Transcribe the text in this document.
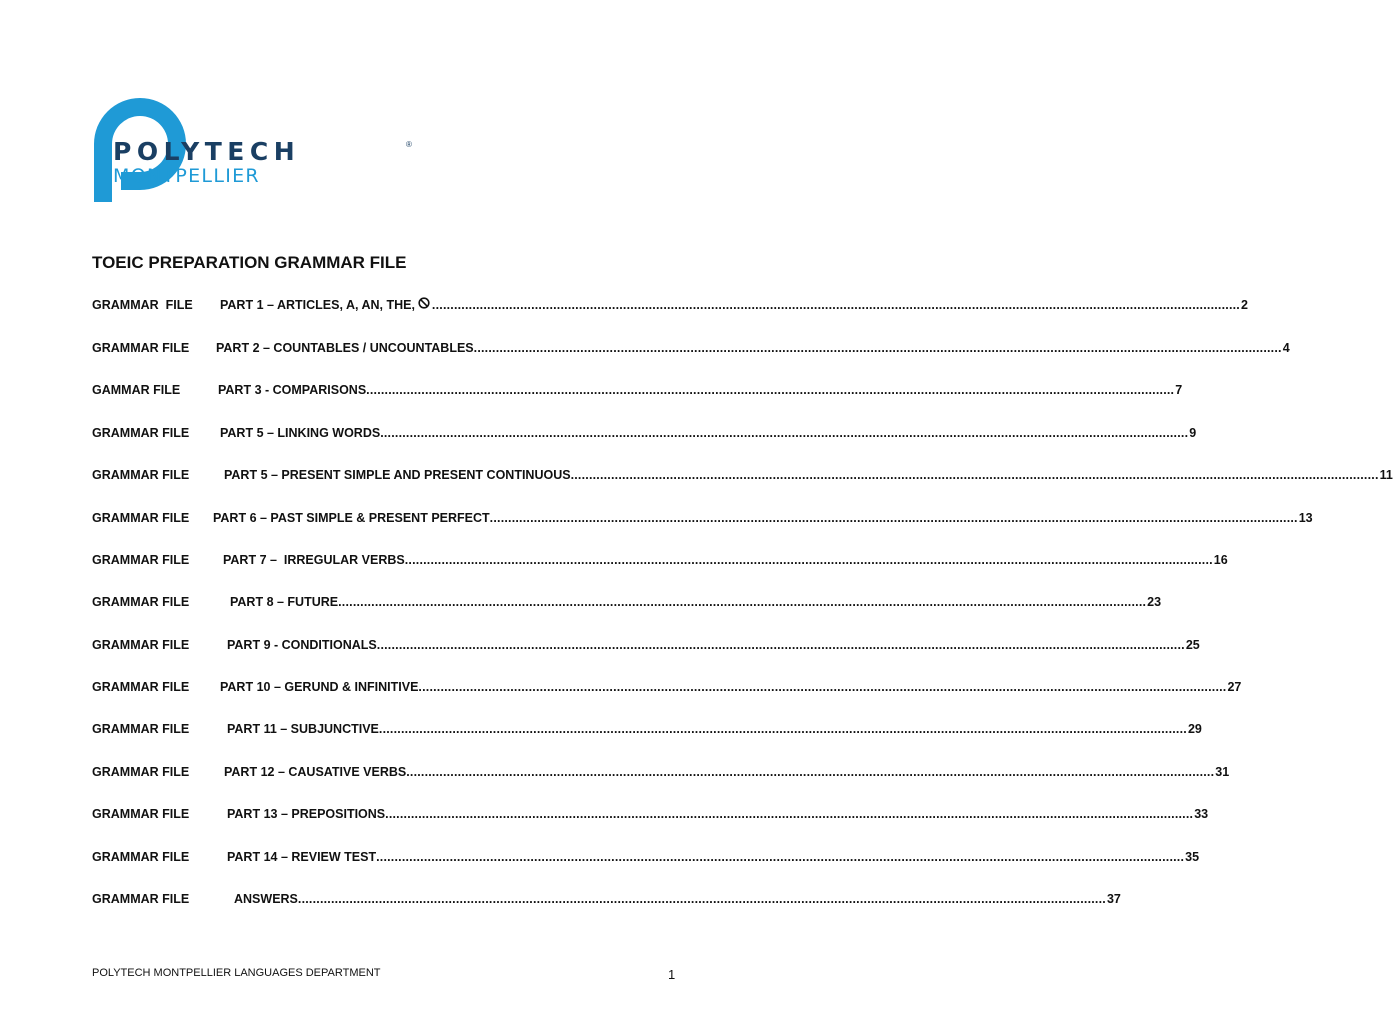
POLYTECH	®
MONTPELLIER
TOEIC PREPARATION GRAMMAR FILE
GRAMMAR  FILE PART 1 – ARTICLES, A, AN, THE, ............................................................................................................................................................................................................................ 2
GRAMMAR FILE PART 2 – COUNTABLES / UNCOUNTABLES ............................................................................................................................................................................................................................ 4
GAMMAR FILE	PART 3 - COMPARISONS ............................................................................................................................................................................................................................ 7
GRAMMAR FILE PART 5 – LINKING WORDS ............................................................................................................................................................................................................................ 9
GRAMMAR FILE	PART 5 – PRESENT SIMPLE AND PRESENT CONTINUOUS ............................................................................................................................................................................................................................ 11
GRAMMAR FILE PART 6 – PAST SIMPLE & PRESENT PERFECT ............................................................................................................................................................................................................................ 13
GRAMMAR FILE	PART 7 –  IRREGULAR VERBS ............................................................................................................................................................................................................................ 16
GRAMMAR FILE	PART 8 – FUTURE ............................................................................................................................................................................................................................ 23
GRAMMAR FILE	PART 9 - CONDITIONALS ............................................................................................................................................................................................................................ 25
GRAMMAR FILE PART 10 – GERUND & INFINITIVE ............................................................................................................................................................................................................................ 27
GRAMMAR FILE	PART 11 – SUBJUNCTIVE ............................................................................................................................................................................................................................ 29
GRAMMAR FILE	PART 12 – CAUSATIVE VERBS ............................................................................................................................................................................................................................ 31
GRAMMAR FILE	PART 13 – PREPOSITIONS ............................................................................................................................................................................................................................ 33
GRAMMAR FILE	PART 14 – REVIEW TEST ............................................................................................................................................................................................................................ 35
GRAMMAR FILE	ANSWERS ............................................................................................................................................................................................................................ 37
POLYTECH MONTPELLIER LANGUAGES DEPARTMENT	1
